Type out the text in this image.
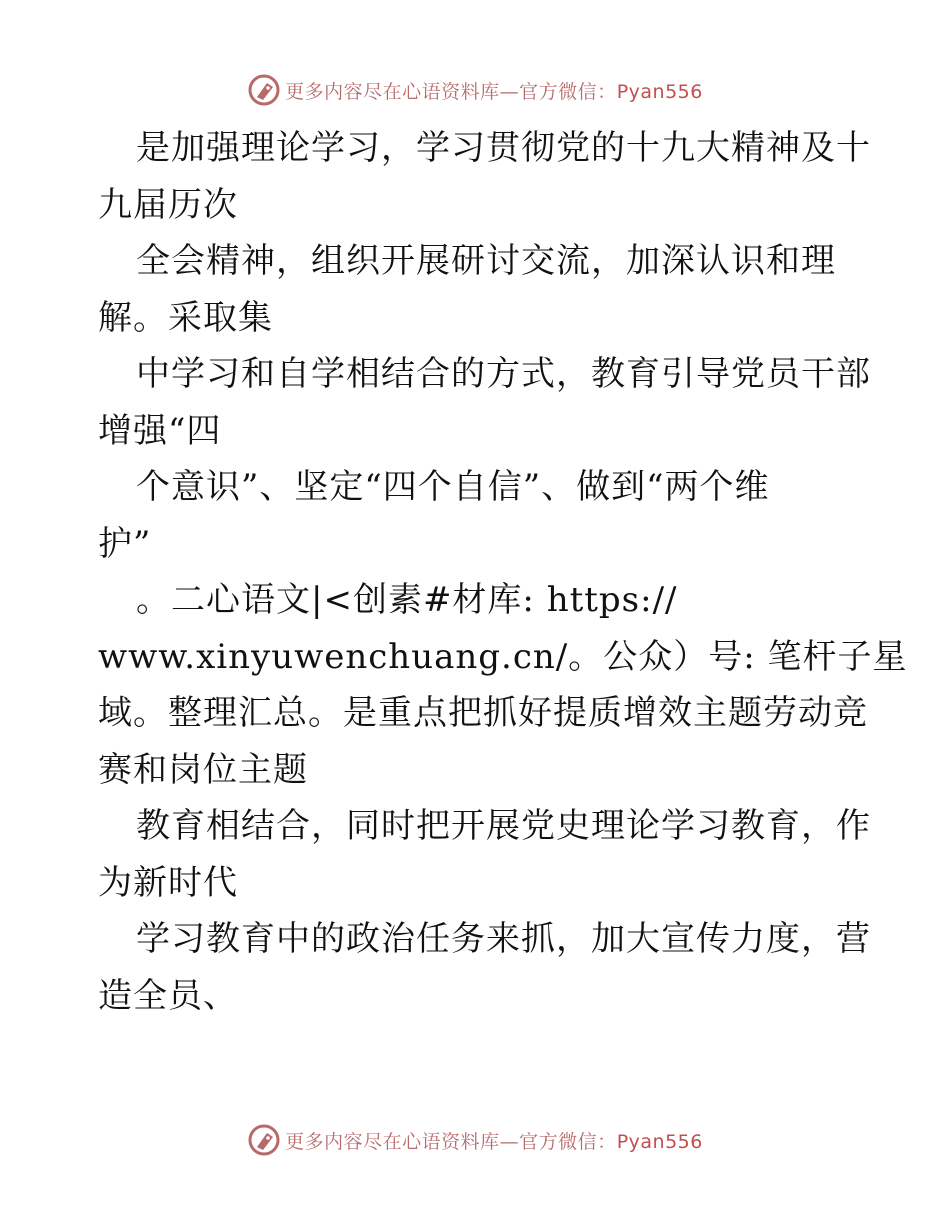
更多内容尽在心语资料库—官方微信：Pyan556
是加强理论学习，学习贯彻党的十九大精神及十
九届历次
全会精神，组织开展研讨交流，加深认识和理
解。采取集
中学习和自学相结合的方式，教育引导党员干部
增强“四
个意识”、坚定“四个自信”、做到“两个维
护”
。二心语文|<创素#材库: https://
www.xinyuwenchuang.cn/。公众）号: 笔杆子星
域。整理汇总。是重点把抓好提质增效主题劳动竞
赛和岗位主题
教育相结合，同时把开展党史理论学习教育，作
为新时代
学习教育中的政治任务来抓，加大宣传力度，营
造全员、
更多内容尽在心语资料库—官方微信：Pyan556
